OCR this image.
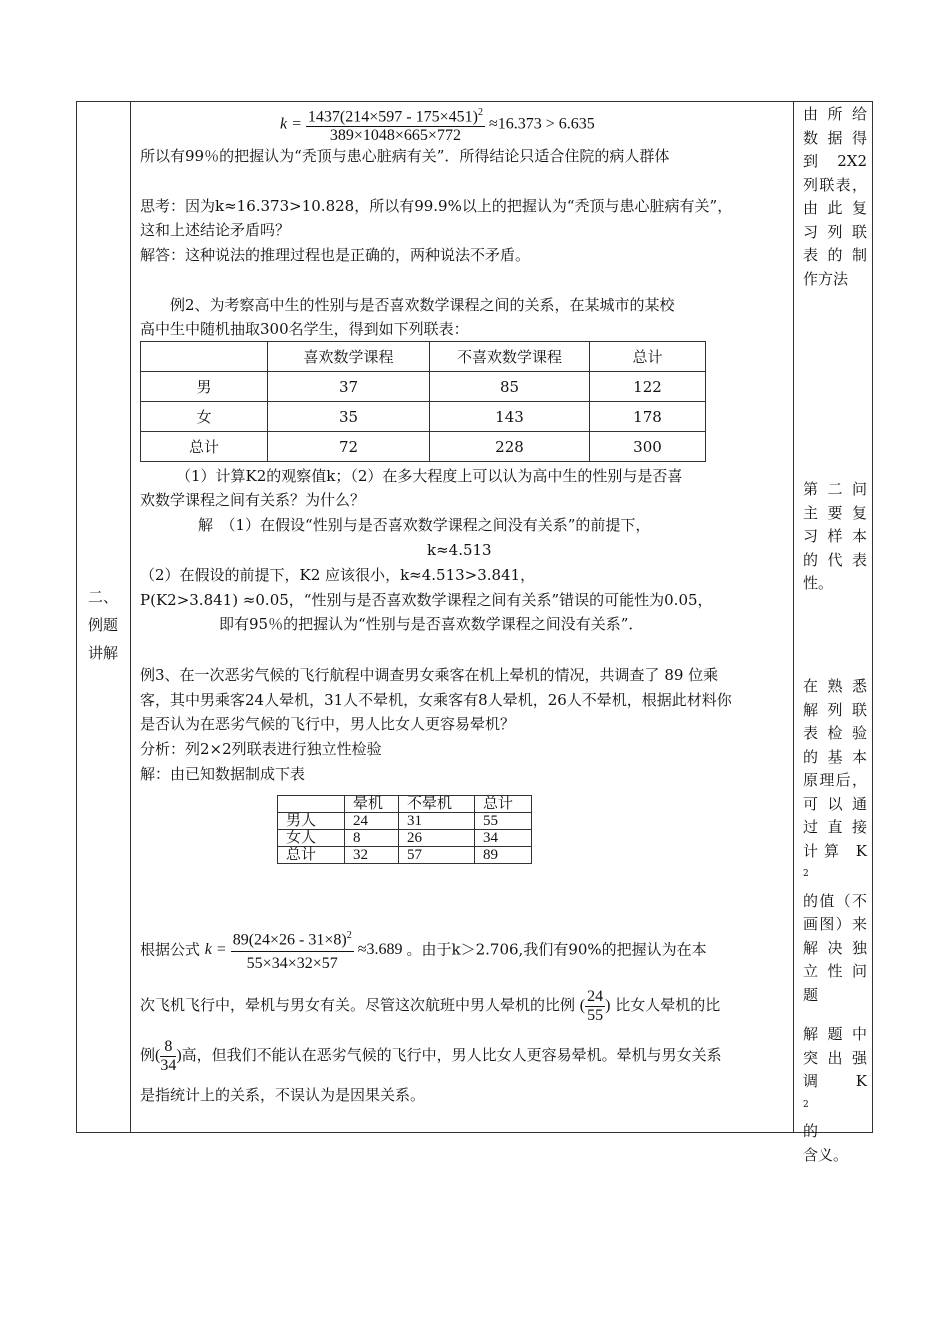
二、
例题
讲解
$k = \frac{1437(214\times 597 - 175\times 451)^2}{389\times 1048\times 665\times 772} \approx 16.373 > 6.635$
所以有99％的把握认为“秃顶与患心脏病有关”．所得结论只适合住院的病人群体
思考：因为k≈16.373>10.828，所以有99.9%以上的把握认为“秃顶与患心脏病有关”，
这和上述结论矛盾吗？
解答：这种说法的推理过程也是正确的，两种说法不矛盾。
例2、为考察高中生的性别与是否喜欢数学课程之间的关系，在某城市的某校
高中生中随机抽取300名学生，得到如下列联表：
	喜欢数学课程	不喜欢数学课程	总计
男	37	85	122
女	35	143	178
总计	72	228	300
（1）计算K2的观察值k；（2）在多大程度上可以认为高中生的性别与是否喜
欢数学课程之间有关系？为什么？
解　（1）在假设“性别与是否喜欢数学课程之间没有关系”的前提下，
k≈4.513
（2）在假设的前提下，K2 应该很小，k≈4.513>3.841，
P(K2>3.841) ≈0.05，“性别与是否喜欢数学课程之间有关系”错误的可能性为0.05，
即有95％的把握认为“性别与是否喜欢数学课程之间没有关系”．
例3、在一次恶劣气候的飞行航程中调查男女乘客在机上晕机的情况，共调查了 89 位乘
客，其中男乘客24人晕机，31人不晕机，女乘客有8人晕机，26人不晕机，根据此材料你
是否认为在恶劣气候的飞行中，男人比女人更容易晕机？
分析：列2×2列联表进行独立性检验
解：由已知数据制成下表
	晕机	不晕机	总计
男人	24	31	55
女人	8	26	34
总计	32	57	89
根据公式 $k = \frac{89(24\times 26 - 31\times 8)^2}{55\times 34\times 32\times 57} \approx 3.689$ 。由于k＞2.706,我们有90%的把握认为在本
次飞机飞行中，晕机与男女有关。尽管这次航班中男人晕机的比例 ( $\frac{24}{55}$ ) 比女人晕机的比
例( $\frac{8}{34}$ )高，但我们不能认在恶劣气候的飞行中，男人比女人更容易晕机。晕机与男女关系
是指统计上的关系，不误认为是因果关系。
由所给
数据得
到 2X2
列联表，
由此复
习列联
表的制
作方法
第二问
主要复
习样本
的代表
性。
在熟悉
解列联
表检验
的基本
原理后，
可以通
过直接
计算 K
$^2$
的值（不
画图）来
解决独
立性问
题
解题中
突出强
调 K
$^2$
的
含义。
